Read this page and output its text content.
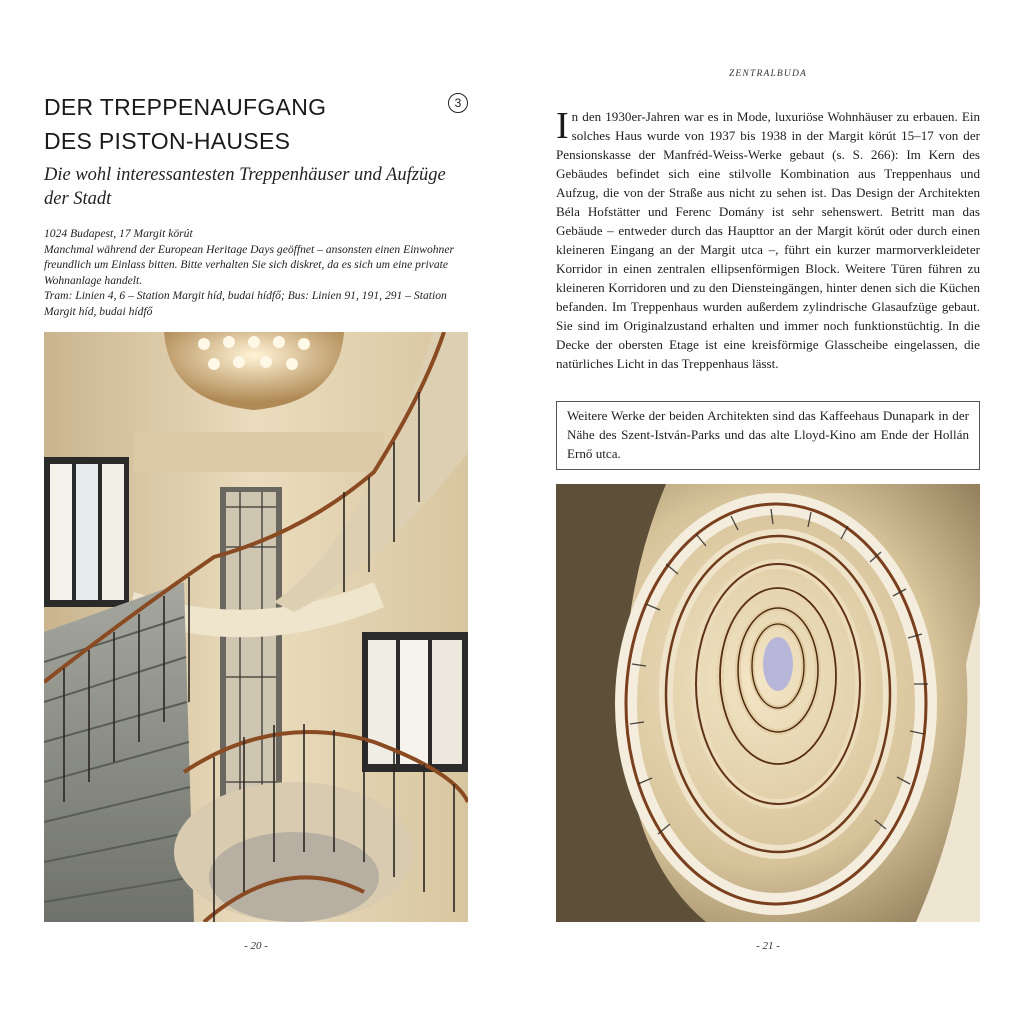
DER TREPPENAUFGANG
DES PISTON-HAUSES
3
Die wohl interessantesten Treppenhäuser und Aufzüge der Stadt
1024 Budapest, 17 Margit körút
Manchmal während der European Heritage Days geöffnet – ansonsten einen Einwohner freundlich um Einlass bitten. Bitte verhalten Sie sich diskret, da es sich um eine private Wohnanlage handelt.
Tram: Linien 4, 6 – Station Margit híd, budai hídfő; Bus: Linien 91, 191, 291 – Station Margit híd, budai hídfő
- 20 -
ZENTRALBUDA
In den 1930er-Jahren war es in Mode, luxuriöse Wohnhäuser zu erbauen. Ein solches Haus wurde von 1937 bis 1938 in der Margit körút 15–17 von der Pensionskasse der Manfréd-Weiss-Werke gebaut (s. S. 266): Im Kern des Gebäudes befindet sich eine stilvolle Kombination aus Treppenhaus und Aufzug, die von der Straße aus nicht zu sehen ist. Das Design der Architekten Béla Hofstätter und Ferenc Domány ist sehr sehenswert. Betritt man das Gebäude – entweder durch das Haupttor an der Margit körút oder durch einen kleineren Eingang an der Margit utca –, führt ein kurzer marmorverkleideter Korridor in einen zentralen ellipsenförmigen Block. Weitere Türen führen zu kleineren Korridoren und zu den Diensteingängen, hinter denen sich die Küchen befanden. Im Treppenhaus wurden außerdem zylindrische Glasaufzüge gebaut. Sie sind im Originalzustand erhalten und immer noch funktionstüchtig. In die Decke der obersten Etage ist eine kreisförmige Glasscheibe eingelassen, die natürliches Licht in das Treppenhaus lässt.
Weitere Werke der beiden Architekten sind das Kaffeehaus Dunapark in der Nähe des Szent-István-Parks und das alte Lloyd-Kino am Ende der Hollán Ernő utca.
- 21 -
